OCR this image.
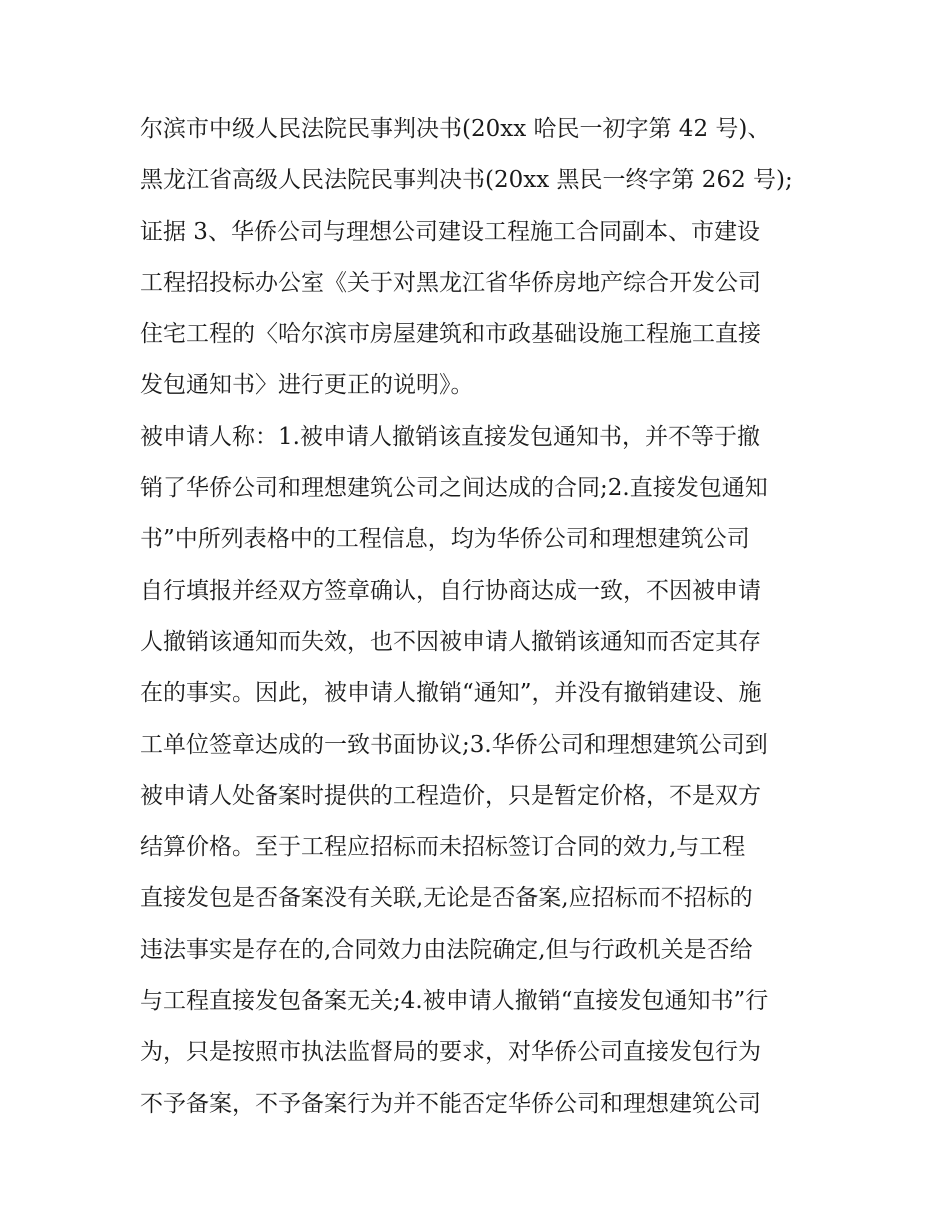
尔滨市中级人民法院民事判决书(20xx 哈民一初字第 42 号)、
黑龙江省高级人民法院民事判决书(20xx 黑民一终字第 262 号);
证据 3、华侨公司与理想公司建设工程施工合同副本、市建设
工程招投标办公室《关于对黑龙江省华侨房地产综合开发公司
住宅工程的〈哈尔滨市房屋建筑和市政基础设施工程施工直接
发包通知书〉进行更正的说明》。
被申请人称：1.被申请人撤销该直接发包通知书，并不等于撤
销了华侨公司和理想建筑公司之间达成的合同;2.直接发包通知
书”中所列表格中的工程信息，均为华侨公司和理想建筑公司
自行填报并经双方签章确认，自行协商达成一致，不因被申请
人撤销该通知而失效，也不因被申请人撤销该通知而否定其存
在的事实。因此，被申请人撤销“通知”，并没有撤销建设、施
工单位签章达成的一致书面协议;3.华侨公司和理想建筑公司到
被申请人处备案时提供的工程造价，只是暂定价格，不是双方
结算价格。至于工程应招标而未招标签订合同的效力,与工程
直接发包是否备案没有关联,无论是否备案,应招标而不招标的
违法事实是存在的,合同效力由法院确定,但与行政机关是否给
与工程直接发包备案无关;4.被申请人撤销“直接发包通知书”行
为，只是按照市执法监督局的要求，对华侨公司直接发包行为
不予备案，不予备案行为并不能否定华侨公司和理想建筑公司
